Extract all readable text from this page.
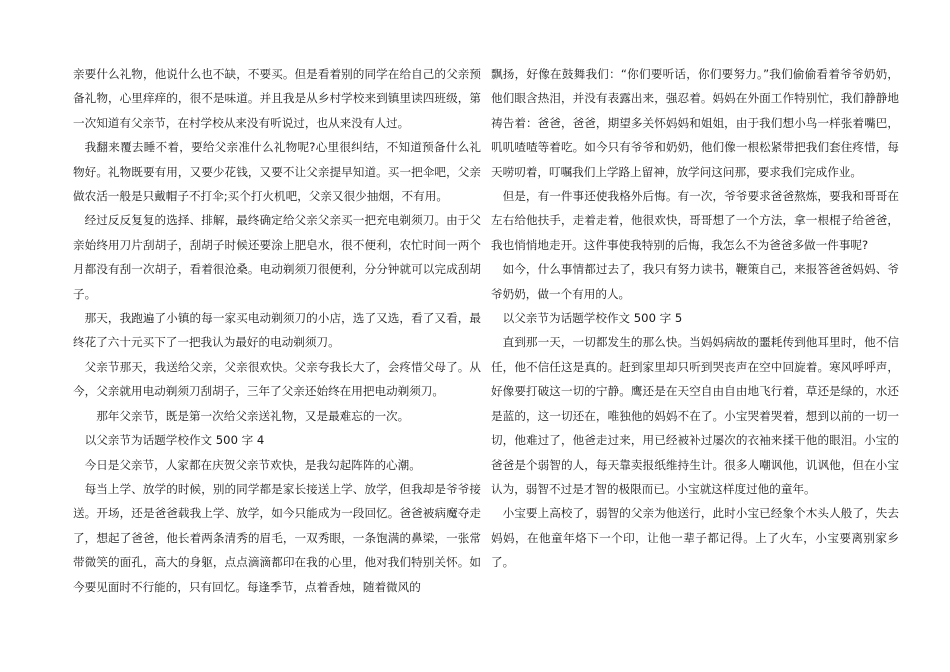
亲要什么礼物，他说什么也不缺，不要买。但是看着别的同学在给自己的父亲预备礼物，心里痒痒的，很不是味道。并且我是从乡村学校来到镇里读四班级，第一次知道有父亲节，在村学校从来没有听说过，也从来没有人过。

我翻来覆去睡不着，要给父亲准什么礼物呢?心里很纠结，不知道预备什么礼物好。礼物既要有用，又要少花钱，又要不让父亲提早知道。买一把伞吧，父亲做农活一般是只戴帽子不打伞;买个打火机吧，父亲又很少抽烟，不有用。

经过反反复复的选择、排解，最终确定给父亲父亲买一把充电剃须刀。由于父亲始终用刀片刮胡子，刮胡子时候还要涂上肥皂水，很不便利，农忙时间一两个月都没有刮一次胡子，看着很沧桑。电动剃须刀很便利，分分钟就可以完成刮胡子。

那天，我跑遍了小镇的每一家买电动剃须刀的小店，选了又选，看了又看，最终花了六十元买下了一把我认为最好的电动剃须刀。

父亲节那天，我送给父亲，父亲很欢快。父亲夸我长大了，会疼惜父母了。从今，父亲就用电动剃须刀刮胡子，三年了父亲还始终在用把电动剃须刀。

那年父亲节，既是第一次给父亲送礼物，又是最难忘的一次。

以父亲节为话题学校作文 500 字 4

今日是父亲节，人家都在庆贺父亲节欢快，是我勾起阵阵的心潮。

每当上学、放学的时候，别的同学都是家长接送上学、放学，但我却是爷爷接送。开场，还是爸爸载我上学、放学，如今只能成为一段回忆。爸爸被病魔夺走了，想起了爸爸，他长着两条清秀的眉毛，一双秀眼，一条饱满的鼻梁，一张常带微笑的面孔，高大的身躯，点点滴滴都印在我的心里，他对我们特别关怀。如今要见面时不行能的，只有回忆。每逢季节，点着香烛，随着微风的

飘扬，好像在鼓舞我们：“你们要听话，你们要努力。”我们偷偷看着爷爷奶奶，他们眼含热泪，并没有表露出来，强忍着。妈妈在外面工作特别忙，我们静静地祷告着：爸爸，爸爸，期望多关怀妈妈和姐姐，由于我们想小鸟一样张着嘴巴，叽叽喳喳等着吃。如今只有爷爷和奶奶，他们像一根松紧带把我们套住疼惜，每天唠叨着，叮嘱我们上学路上留神，放学问这问那，要求我们完成作业。

但是，有一件事还使我格外后悔。有一次，爷爷要求爸爸熬炼，要我和哥哥在左右给他扶手，走着走着，他很欢快，哥哥想了一个方法，拿一根棍子给爸爸，我也悄悄地走开。这件事使我特别的后悔，我怎么不为爸爸多做一件事呢?

如今，什么事情都过去了，我只有努力读书，鞭策自己，来报答爸爸妈妈、爷爷奶奶，做一个有用的人。

以父亲节为话题学校作文 500 字 5

直到那一天，一切都发生的那么快。当妈妈病故的噩耗传到他耳里时，他不信任，他不信任这是真的。赶到家里却只听到哭丧声在空中回旋着。寒风呼呼声，好像要打破这一切的宁静。鹰还是在天空自由自由地飞行着，草还是绿的，水还是蓝的，这一切还在，唯独他的妈妈不在了。小宝哭着哭着，想到以前的一切一切，他难过了，他爸走过来，用已经被补过屡次的衣袖来揉干他的眼泪。小宝的爸爸是个弱智的人，每天靠卖报纸维持生计。很多人嘲讽他，讥讽他，但在小宝认为，弱智不过是才智的极限而已。小宝就这样度过他的童年。

小宝要上高校了，弱智的父亲为他送行，此时小宝已经象个木头人般了，失去妈妈，在他童年烙下一个印，让他一辈子都记得。上了火车，小宝要离别家乡了。
